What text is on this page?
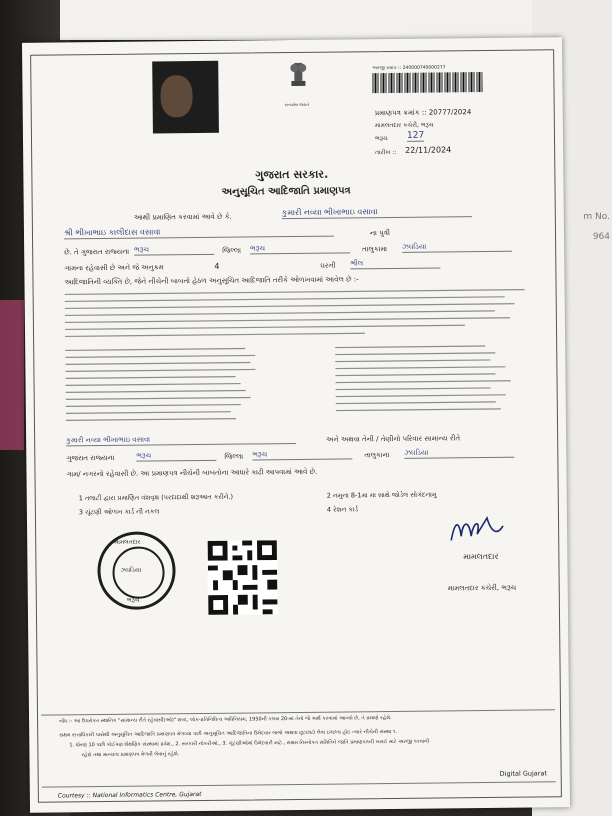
m No.
964
સત્યમેવ જયતે
અરજી ક્રમાંક :: 240000740000277
પ્રમાણપત્ર ક્રમાંક :: 20777/2024
મામલતદાર કચેરી, ભરૂચ
ભરૂચ 127
તારીખ :: 22/11/2024
ગુજરાત સરકાર.
અનુસૂચિત આદિજાતિ પ્રમાણપત્ર
આથી પ્રમાણિત કરવામાં આવે છે કે.
કુમારી નવ્યા ભીખાભાઇ વસાવા
શ્રી ભીખાભાઇ કાલીદાસ વસાવા	ના પુત્રી
છે. તે ગુજરાત રાજ્યના ભરૂચ	જિલ્લા ભરૂચ	તાલુકામા ઝઘડિયા
ગામના રહેવાસી છે અને જે અનુક્રમ	4	ઘરની ભીલ
આદિજાતિની વ્યક્તિ છે, જેને નીચેની બાબતો હેઠળ અનુસૂચિત આદિજાતિ તરીકે ઓળખવામાં આવેલ છે :-
કુમારી નવ્યા ભીખાભાઇ વસાવા	અને અથવા તેની / તેણીનો પરિવાર સામાન્ય રીતે
ગુજરાત રાજ્યના	ભરૂચ	જિલ્લા ભરૂચ	તાલુકાના ઝઘડિયા
ગામ/ નગરનો રહેવાસી છે. આ પ્રમાણપત્ર નીચેની બાબતોના આધારે કાઢી આપવામાં આવે છે.
1 તલાટી દ્વારા પ્રમાણિત વંશવૃક્ષ (પરદાદાથી શરૂઆત કરીને.)	2 નમુના 8-1મા મા સાથે જોડેલ સોગંદનામુ
3 ચૂંટણી ઓળખ કાર્ડ ની નકલ	4 રેશન કાર્ડ
મામલતદાર
ઝઘડિયા
ભરૂચ
મામલતદાર
મામલતદાર કચેરી, ભરૂચ
નોંધ :- આ ઉપરોક્ત સ્થાનિક "સામાન્ય રીતે રહેવાસી(ઓ)" શબ્દ, લોક-પ્રતિનિધિત્વ અધિનિયમ, 1950ની કલમ 20-માં તેનો જે અર્થ કરવામાં આવ્યો છે, તે પ્રમાણે રહેશે.
સક્ષમ સત્તાધિકારી પાસેથી અનુસૂચિત આદિજાતિ પ્રમાણપત્ર મેળવ્યા પછી અનુસૂચિત આદિજાતિના ઉમેદવાર લાભો અથવા છૂટછાટો લેવા ઇચ્છતા હોઇ ત્યારે નીચેની સંસ્થા ૧.
1. ધોરણ 10 પછી કોઈપણ શૈક્ષણિક સંસ્થામાં પ્રવેશ., 2. સરકારી નોકરીઓ., 3. ચૂંટણીઓમાં ઉમેદવારી માટે., સક્ષમ નિમ્નોક્ત સમિતિને જાતિ પ્રમાણપત્રની ખરાઈ માટે અરજી કરવાની
રહેશે તથા માન્યતા પ્રમાણપત્ર મેળવી લેવાનું રહેશે.
Courtesy :: National Informatics Centre, Gujarat
Digital Gujarat
